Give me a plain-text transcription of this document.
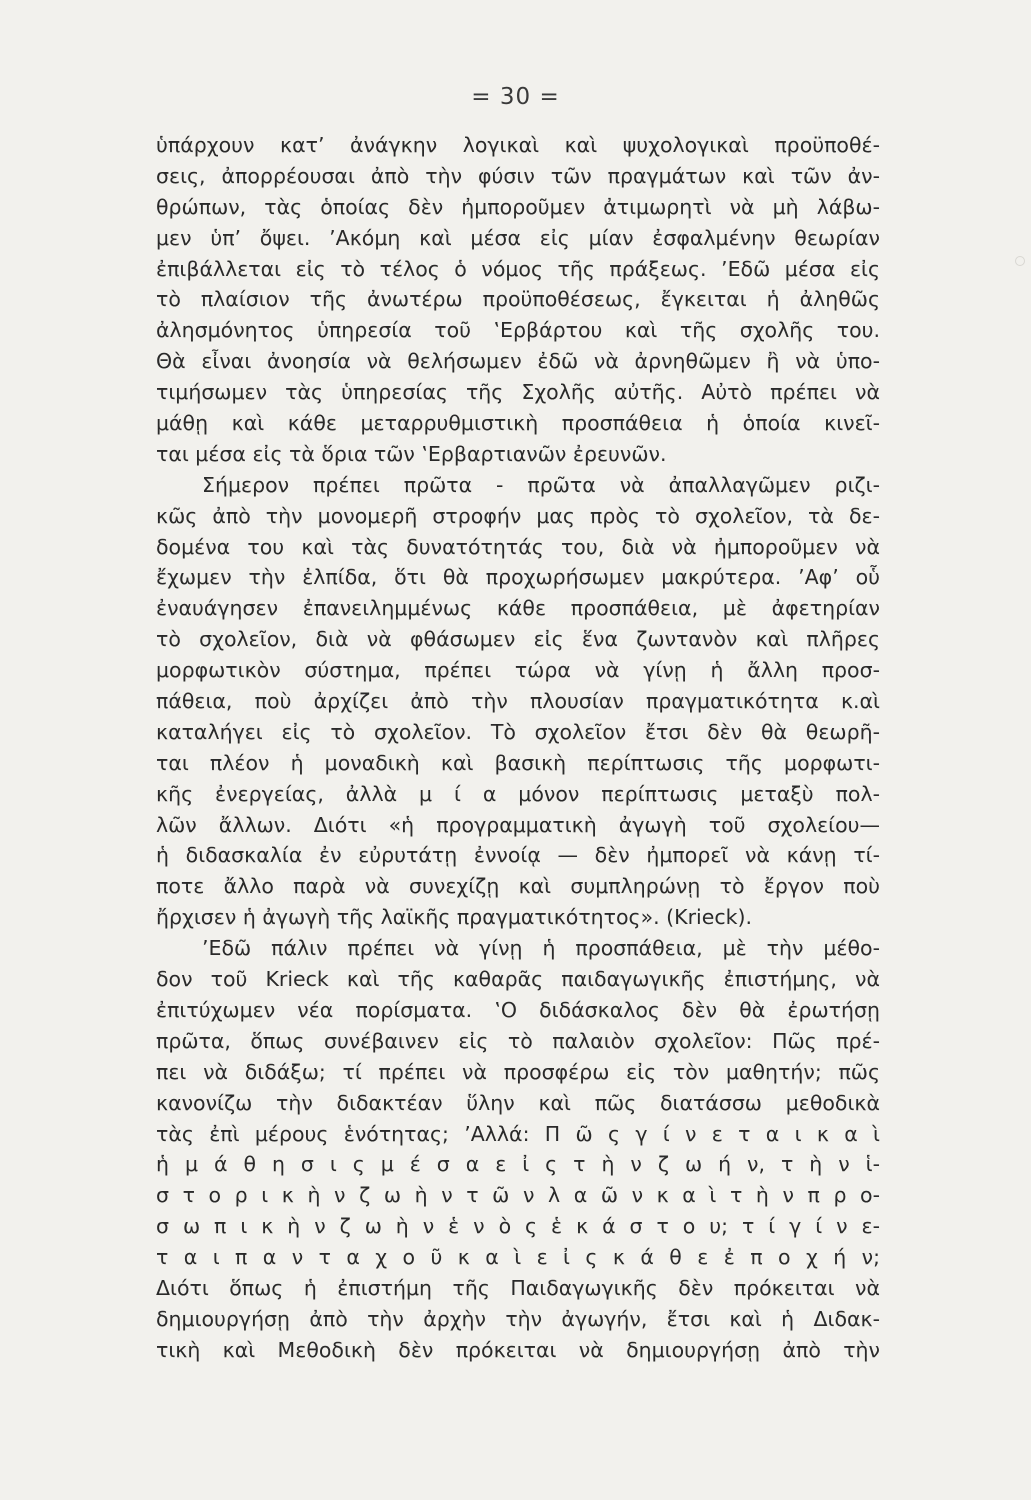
= 30 =
ὑπάρχουν κατ’ ἀνάγκην λογικαὶ καὶ ψυχολογικαὶ προϋποθέ-
σεις, ἀπορρέουσαι ἀπὸ τὴν φύσιν τῶν πραγμάτων καὶ τῶν ἀν-
θρώπων, τὰς ὁποίας δὲν ἠμποροῦμεν ἀτιμωρητὶ νὰ μὴ λάβω-
μεν ὑπ’ ὄψει. ’Ακόμη καὶ μέσα εἰς μίαν ἐσφαλμένην θεωρίαν
ἐπιβάλλεται εἰς τὸ τέλος ὁ νόμος τῆς πράξεως. ’Εδῶ μέσα εἰς
τὸ πλαίσιον τῆς ἀνωτέρω προϋποθέσεως, ἔγκειται ἡ ἀληθῶς
ἀλησμόνητος ὑπηρεσία τοῦ ‛Ερβάρτου καὶ τῆς σχολῆς του.
Θὰ εἶναι ἀνοησία νὰ θελήσωμεν ἐδῶ νὰ ἀρνηθῶμεν ἢ νὰ ὑπο-
τιμήσωμεν τὰς ὑπηρεσίας τῆς Σχολῆς αὐτῆς. Αὐτὸ πρέπει νὰ
μάθῃ καὶ κάθε μεταρρυθμιστικὴ προσπάθεια ἡ ὁποία κινεῖ-
ται μέσα εἰς τὰ ὅρια τῶν ‛Ερβαρτιανῶν ἐρευνῶν.
Σήμερον πρέπει πρῶτα - πρῶτα νὰ ἀπαλλαγῶμεν ριζι-
κῶς ἀπὸ τὴν μονομερῆ στροφήν μας πρὸς τὸ σχολεῖον, τὰ δε-
δομένα του καὶ τὰς δυνατότητάς του, διὰ νὰ ἠμποροῦμεν νὰ
ἔχωμεν τὴν ἐλπίδα, ὅτι θὰ προχωρήσωμεν μακρύτερα. ’Αφ’ οὗ
ἐναυάγησεν ἐπανειλημμένως κάθε προσπάθεια, μὲ ἀφετηρίαν
τὸ σχολεῖον, διὰ νὰ φθάσωμεν εἰς ἕνα ζωντανὸν καὶ πλῆρες
μορφωτικὸν σύστημα, πρέπει τώρα νὰ γίνῃ ἡ ἄλλη προσ-
πάθεια, ποὺ ἀρχίζει ἀπὸ τὴν πλουσίαν πραγματικότητα κ.αὶ
καταλήγει εἰς τὸ σχολεῖον. Τὸ σχολεῖον ἔτσι δὲν θὰ θεωρῆ-
ται πλέον ἡ μοναδικὴ καὶ βασικὴ περίπτωσις τῆς μορφωτι-
κῆς ἐνεργείας, ἀλλὰ μ ί α μόνον περίπτωσις μεταξὺ πολ-
λῶν ἄλλων. Διότι «ἡ προγραμματικὴ ἀγωγὴ τοῦ σχολείου—
ἡ διδασκαλία ἐν εὐρυτάτῃ ἐννοίᾳ — δὲν ἠμπορεῖ νὰ κάνῃ τί-
ποτε ἄλλο παρὰ νὰ συνεχίζῃ καὶ συμπληρώνῃ τὸ ἔργον ποὺ
ἤρχισεν ἡ ἀγωγὴ τῆς λαϊκῆς πραγματικότητος». (Krieck).
’Εδῶ πάλιν πρέπει νὰ γίνῃ ἡ προσπάθεια, μὲ τὴν μέθο-
δον τοῦ Krieck καὶ τῆς καθαρᾶς παιδαγωγικῆς ἐπιστήμης, νὰ
ἐπιτύχωμεν νέα πορίσματα. ‛Ο διδάσκαλος δὲν θὰ ἐρωτήσῃ
πρῶτα, ὅπως συνέβαινεν εἰς τὸ παλαιὸν σχολεῖον: Πῶς πρέ-
πει νὰ διδάξω; τί πρέπει νὰ προσφέρω εἰς τὸν μαθητήν; πῶς
κανονίζω τὴν διδακτέαν ὕλην καὶ πῶς διατάσσω μεθοδικὰ
τὰς ἐπὶ μέρους ἑνότητας; ’Αλλά: Π ῶ ς γ ί ν ε τ α ι κ α ὶ
ἡ μ ά θ η σ ι ς μ έ σ α ε ἰ ς τ ὴ ν ζ ω ή ν, τ ὴ ν ἱ-
σ τ ο ρ ι κ ὴ ν ζ ω ὴ ν τ ῶ ν λ α ῶ ν κ α ὶ τ ὴ ν π ρ ο-
σ ω π ι κ ὴ ν ζ ω ὴ ν ἑ ν ὸ ς ἑ κ ά σ τ ο υ; τ ί γ ί ν ε-
τ α ι π α ν τ α χ ο ῦ κ α ὶ ε ἰ ς κ ά θ ε ἐ π ο χ ή ν;
Διότι ὅπως ἡ ἐπιστήμη τῆς Παιδαγωγικῆς δὲν πρόκειται νὰ
δημιουργήσῃ ἀπὸ τὴν ἀρχὴν τὴν ἀγωγήν, ἔτσι καὶ ἡ Διδακ-
τικὴ καὶ Μεθοδικὴ δὲν πρόκειται νὰ δημιουργήσῃ ἀπὸ τὴν
